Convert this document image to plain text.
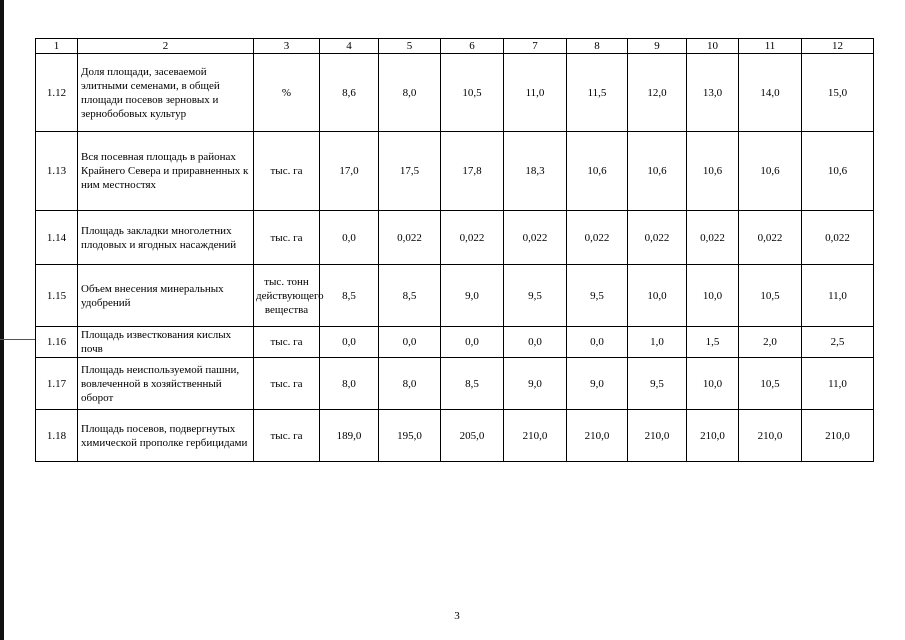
1	2	3	4	5	6	7	8	9	10	11	12
1.12	Доля площади, засеваемой элитными семенами, в общей площади посевов зерновых и зернобобовых культур	%	8,6	8,0	10,5	11,0	11,5	12,0	13,0	14,0	15,0
1.13	Вся посевная площадь в районах Крайнего Севера и приравненных к ним местностях	тыс. га	17,0	17,5	17,8	18,3	10,6	10,6	10,6	10,6	10,6
1.14	Площадь закладки многолетних плодовых и ягодных насаждений	тыс. га	0,0	0,022	0,022	0,022	0,022	0,022	0,022	0,022	0,022
1.15	Объем внесения минеральных удобрений	тыс. тонн действующего вещества	8,5	8,5	9,0	9,5	9,5	10,0	10,0	10,5	11,0
1.16	Площадь известкования кислых почв	тыс. га	0,0	0,0	0,0	0,0	0,0	1,0	1,5	2,0	2,5
1.17	Площадь неиспользуемой пашни, вовлеченной в хозяйственный оборот	тыс. га	8,0	8,0	8,5	9,0	9,0	9,5	10,0	10,5	11,0
1.18	Площадь посевов, подвергнутых химической прополке гербицидами	тыс. га	189,0	195,0	205,0	210,0	210,0	210,0	210,0	210,0	210,0
3
